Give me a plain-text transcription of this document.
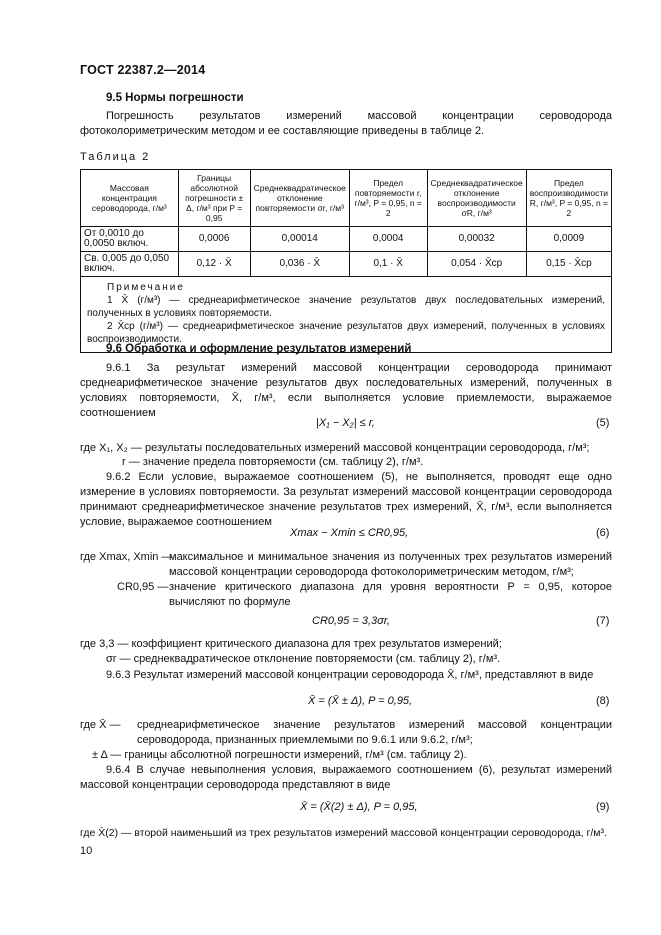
ГОСТ 22387.2—2014
9.5 Нормы погрешности
Погрешность результатов измерений массовой концентрации сероводорода фотоколориметрическим методом и ее составляющие приведены в таблице 2.
Таблица 2
Массовая концентрация сероводорода, г/м³	Границы абсолютной погрешности ± Δ, г/м³ при P = 0,95	Среднеквадратическое отклонение повторяемости σr, г/м³	Предел повторяемости r, г/м³, P = 0,95, n = 2	Среднеквадратическое отклонение воспроизводимости σR, г/м³	Предел воспроизводимости R, г/м³, P = 0,95, n = 2
От 0,0010 до 0,0050 включ.	0,0006	0,00014	0,0004	0,00032	0,0009
Св. 0,005 до 0,050 включ.	0,12 · X̄	0,036 · X̄	0,1 · X̄	0,054 · X̄ср	0,15 · X̄ср

Примечание
1 X̄ (г/м³) — среднеарифметическое значение результатов двух последовательных измерений, полученных в условиях повторяемости.
2 X̄ср (г/м³) — среднеарифметическое значение результатов двух измерений, полученных в условиях воспроизводимости.					
9.6 Обработка и оформление результатов измерений
9.6.1 За результат измерений массовой концентрации сероводорода принимают среднеарифметическое значение результатов двух последовательных измерений, полученных в условиях повторяемости, X̄, г/м³, если выполняется условие приемлемости, выражаемое соотношением
|X₁ − X₂| ≤ r,	(5)
где X₁, X₂ — результаты последовательных измерений массовой концентрации сероводорода, г/м³;
r — значение предела повторяемости (см. таблицу 2), г/м³.
9.6.2 Если условие, выражаемое соотношением (5), не выполняется, проводят еще одно измерение в условиях повторяемости. За результат измерений массовой концентрации сероводорода принимают среднеарифметическое значение результатов трех измерений, X̄, г/м³, если выполняется условие, выражаемое соотношением
Xmax − Xmin ≤ CR0,95,	(6)
где Xmax, Xmin —
максимальное и минимальное значения из полученных трех результатов измерений массовой концентрации сероводорода фотоколориметрическим методом, г/м³;
CR0,95 — значение критического диапазона для уровня вероятности P = 0,95, которое вычисляют по формуле
CR0,95 = 3,3σr,	(7)
где 3,3 — коэффициент критического диапазона для трех результатов измерений;
σr — среднеквадратическое отклонение повторяемости (см. таблицу 2), г/м³.
9.6.3 Результат измерений массовой концентрации сероводорода X̄, г/м³, представляют в виде
X̄ = (X̄ ± Δ), P = 0,95,	(8)
где X̄ —	среднеарифметическое значение результатов измерений массовой концентрации сероводорода, признанных приемлемыми по 9.6.1 или 9.6.2, г/м³;
± Δ — границы абсолютной погрешности измерений, г/м³ (см. таблицу 2).
9.6.4 В случае невыполнения условия, выражаемого соотношением (6), результат измерений массовой концентрации сероводорода представляют в виде
X̄ = (X̄(2) ± Δ), P = 0,95,	(9)
где X̄(2) — второй наименьший из трех результатов измерений массовой концентрации сероводорода, г/м³.
10
